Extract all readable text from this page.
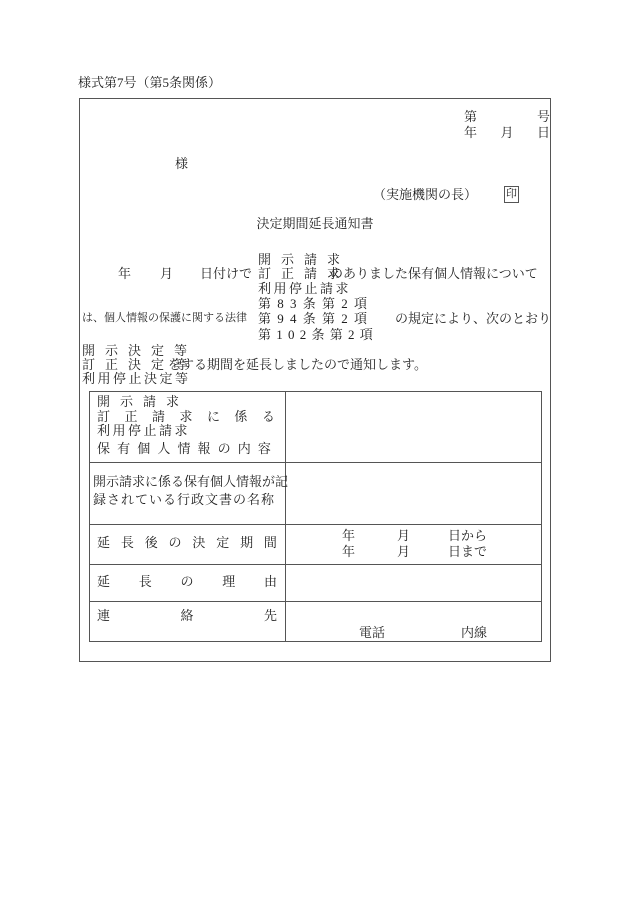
様式第7号（第5条関係）
第	号
年 月 日
様
（実施機関の長）	印
決定期間延長通知書
開示請求
年 月 日付けで 訂正請求
のありました保有個人情報について
利用停止請求
第 8 3 条 第 2 項
は、個人情報の保護に関する法律 第 9 4 条 第 2 項 の規定により、次のとおり
第 1 0 2 条 第 2 項
開示決定等
訂正決定等
をする期間を延長しましたので通知します。
利用停止決定等

開示請求
訂 正 請 求 に 係 る
利用停止請求
保 有 個 人 情 報 の 内 容
開示請求に係る保有個人情報が記
録されている行政文書の名称
延 長 後 の 決 定 期 間	年	月	日から
年	月	日まで
延 長 の 理 由
連	絡	先
電話	内線
